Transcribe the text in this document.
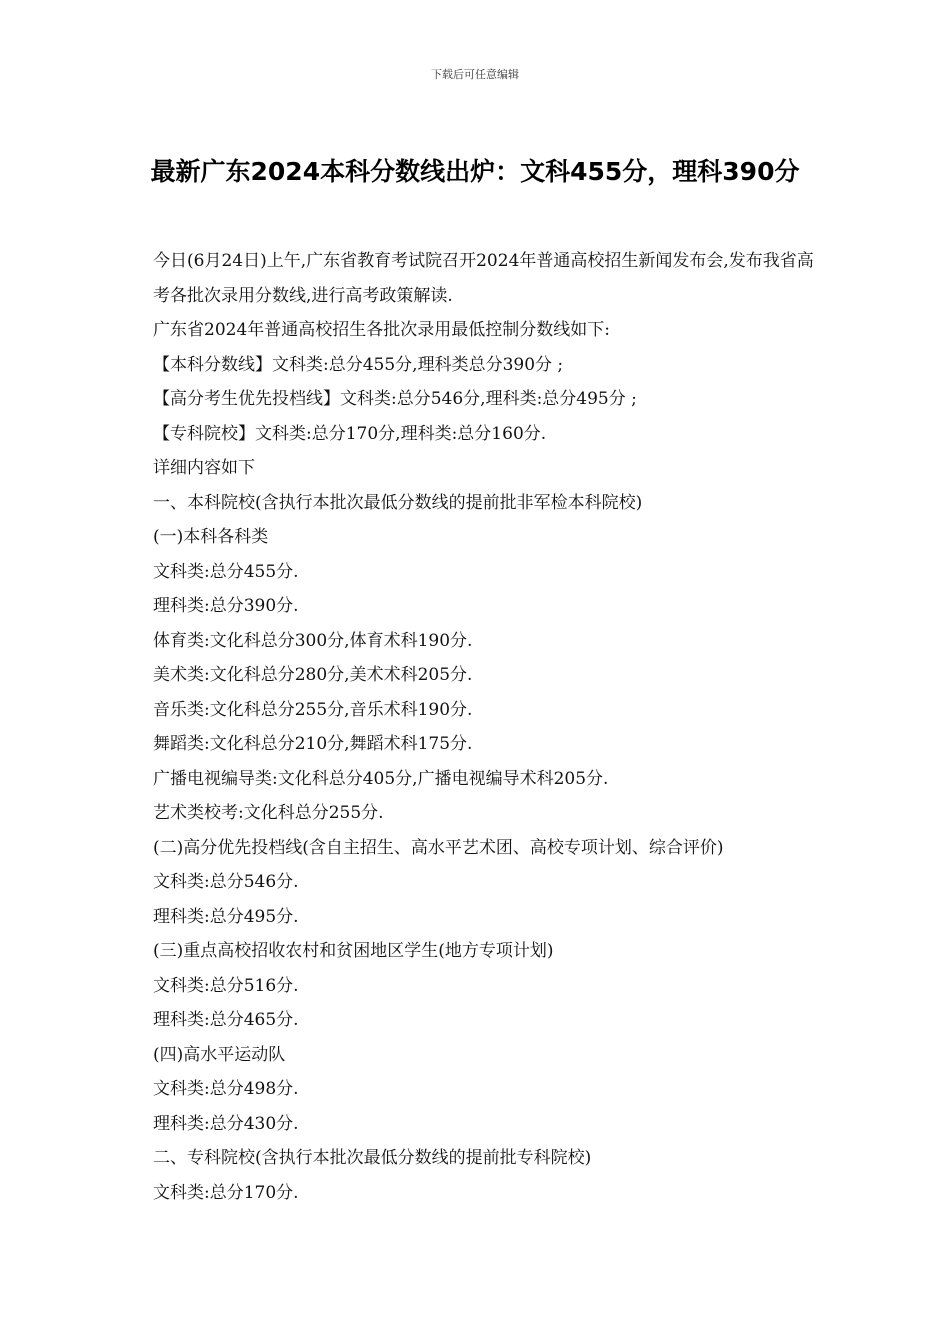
下载后可任意编辑
最新广东2024本科分数线出炉：文科455分，理科390分

今日(6月24日)上午,广东省教育考试院召开2024年普通高校招生新闻发布会,发布我省高考各批次录用分数线,进行高考政策解读.

广东省2024年普通高校招生各批次录用最低控制分数线如下:

【本科分数线】文科类:总分455分,理科类总分390分 ;

【高分考生优先投档线】文科类:总分546分,理科类:总分495分 ;

【专科院校】文科类:总分170分,理科类:总分160分.

详细内容如下

一、本科院校(含执行本批次最低分数线的提前批非军检本科院校)

(一)本科各科类

文科类:总分455分.

理科类:总分390分.

体育类:文化科总分300分,体育术科190分.

美术类:文化科总分280分,美术术科205分.

音乐类:文化科总分255分,音乐术科190分.

舞蹈类:文化科总分210分,舞蹈术科175分.

广播电视编导类:文化科总分405分,广播电视编导术科205分.

艺术类校考:文化科总分255分.

(二)高分优先投档线(含自主招生、高水平艺术团、高校专项计划、综合评价)

文科类:总分546分.

理科类:总分495分.

(三)重点高校招收农村和贫困地区学生(地方专项计划)

文科类:总分516分.

理科类:总分465分.

(四)高水平运动队

文科类:总分498分.

理科类:总分430分.

二、专科院校(含执行本批次最低分数线的提前批专科院校)

文科类:总分170分.
